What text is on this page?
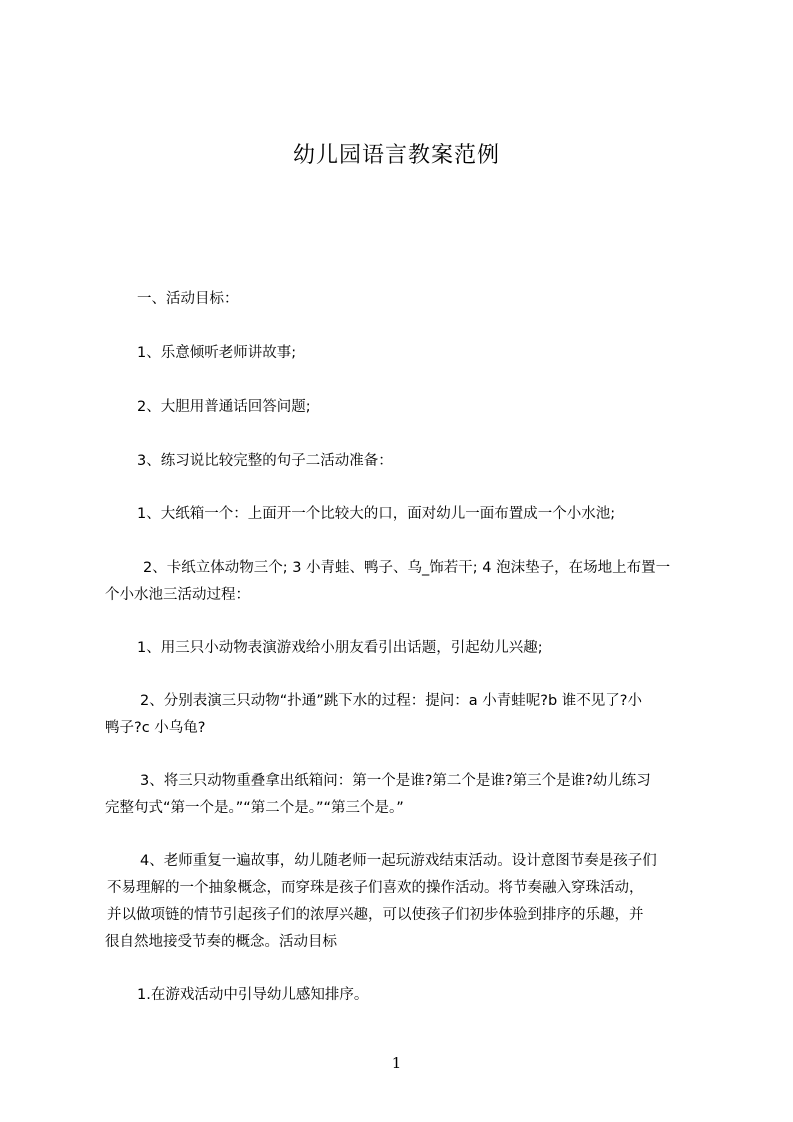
幼儿园语言教案范例

一、活动目标：

1、乐意倾听老师讲故事;

2、大胆用普通话回答问题;

3、练习说比较完整的句子二活动准备：

1、大纸箱一个：上面开一个比较大的口，面对幼儿一面布置成一个小水池;

2、卡纸立体动物三个; 3 小青蛙、鸭子、乌_饰若干; 4 泡沫垫子，在场地上布置一
个小水池三活动过程：

1、用三只小动物表演游戏给小朋友看引出话题，引起幼儿兴趣;

2、分别表演三只动物“扑通”跳下水的过程：提问：a 小青蛙呢?b 谁不见了?小
鸭子?c 小乌龟?

3、将三只动物重叠拿出纸箱问：第一个是谁?第二个是谁?第三个是谁?幼儿练习
完整句式“第一个是。”“第二个是。”“第三个是。”

4、老师重复一遍故事，幼儿随老师一起玩游戏结束活动。设计意图节奏是孩子们
不易理解的一个抽象概念，而穿珠是孩子们喜欢的操作活动。将节奏融入穿珠活动，
并以做项链的情节引起孩子们的浓厚兴趣，可以使孩子们初步体验到排序的乐趣，并
很自然地接受节奏的概念。活动目标

1.在游戏活动中引导幼儿感知排序。

1
